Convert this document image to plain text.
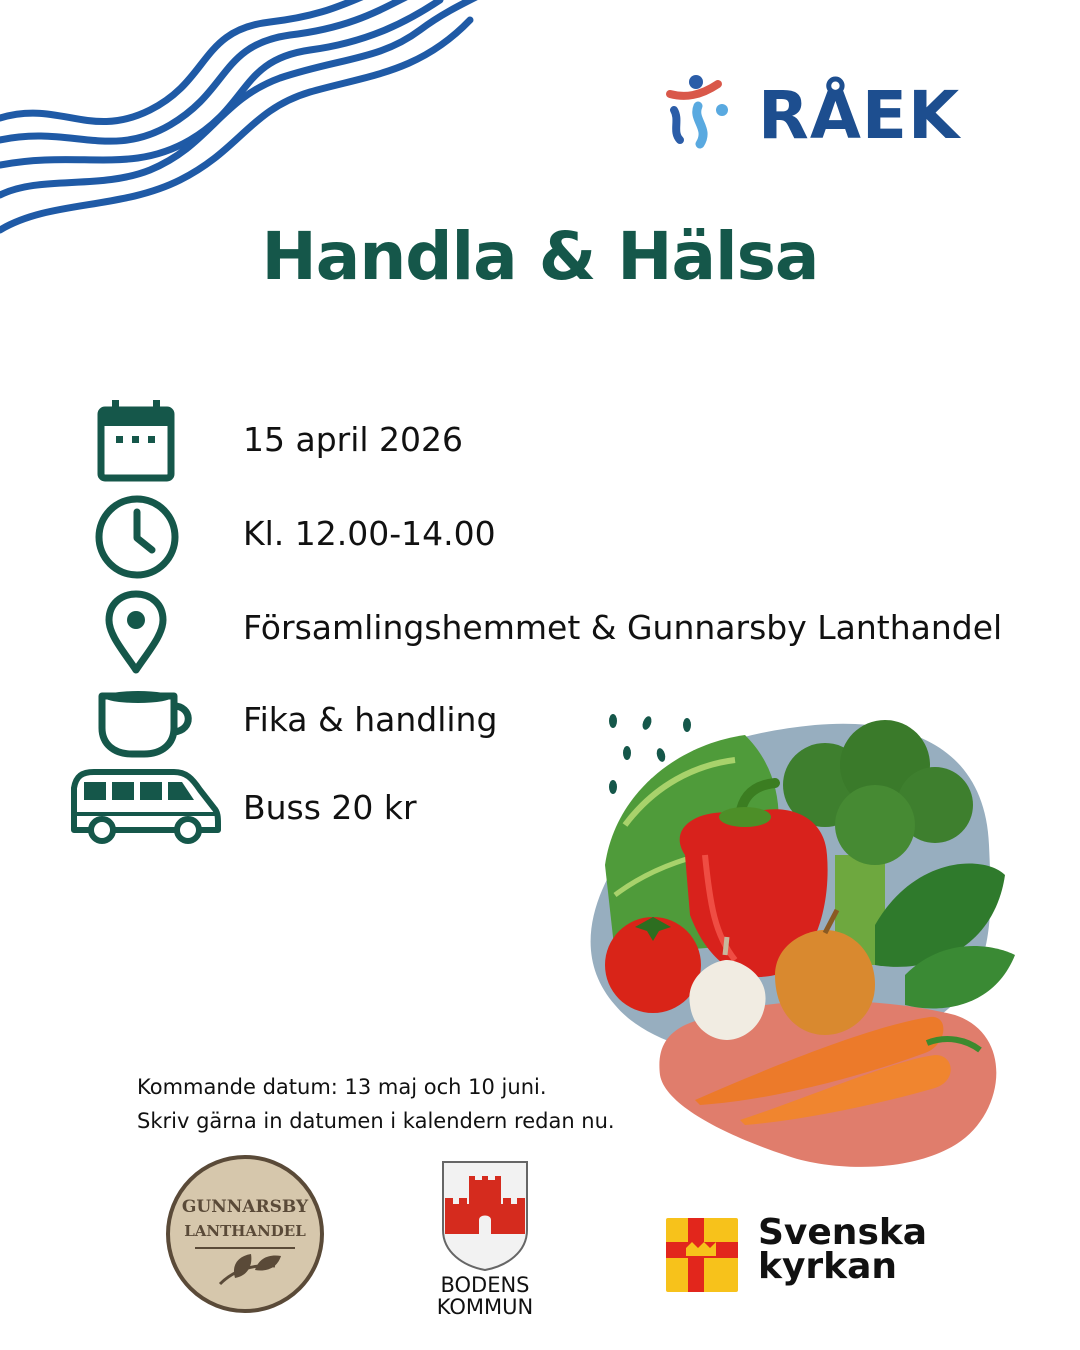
RÅEK
Handla & Hälsa
15 april 2026
Kl. 12.00-14.00
Församlingshemmet & Gunnarsby Lanthandel
Fika & handling
Buss 20 kr
Kommande datum: 13 maj och 10 juni.
Skriv gärna in datumen i kalendern redan nu.
GUNNARSBY
LANTHANDEL
BODENS
KOMMUN
Svenska
kyrkan
